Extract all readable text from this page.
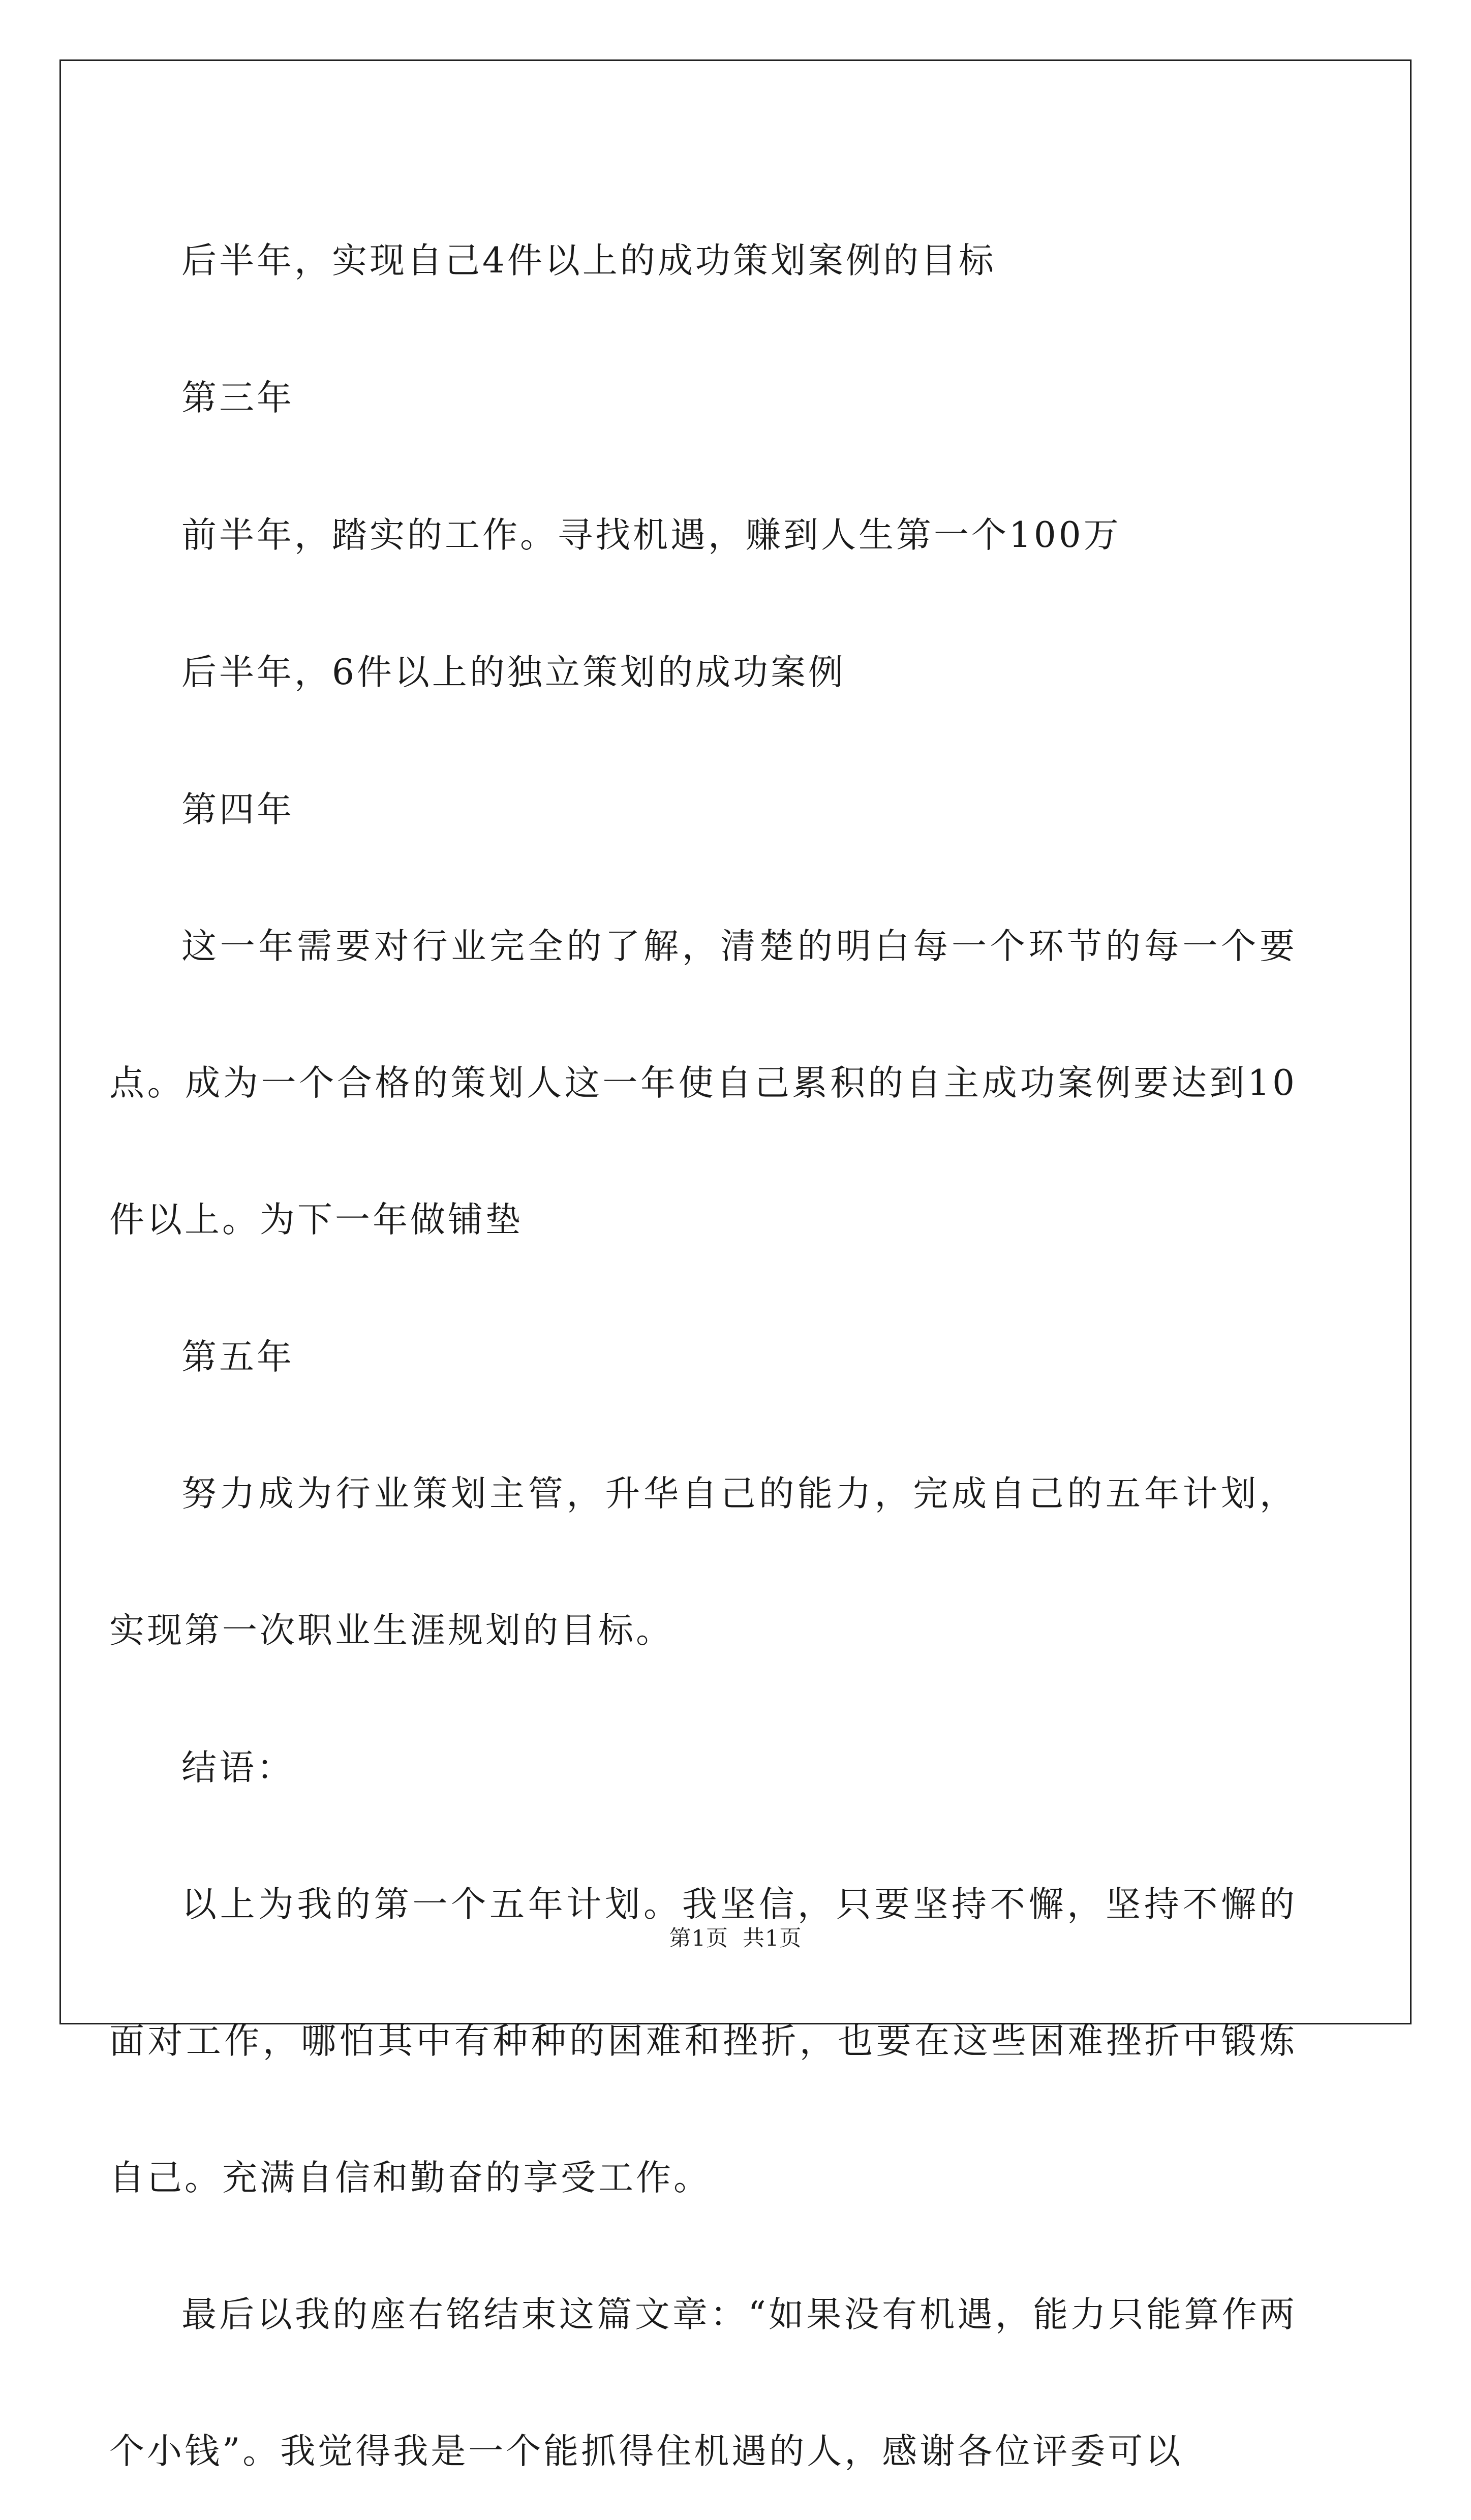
后半年，实现自己4件以上的成功策划案例的目标

第三年

前半年，踏实的工作。寻找机遇，赚到人生第一个100万

后半年，6件以上的独立策划的成功案例

第四年

这一年需要对行业完全的了解，清楚的明白每一个环节的每一个要点。成为一个合格的策划人这一年使自己累积的自主成功案例要达到10件以上。为下一年做铺垫

第五年

努力成为行业策划主管，升华自己的能力，完成自己的五年计划，实现第一次职业生涯规划的目标。

结语：

以上为我的第一个五年计划。我坚信，只要坚持不懈，坚持不懈的面对工作，哪怕其中有种种的困难和挫折，也要在这些困难挫折中锻炼自己。充满自信和勤奋的享受工作。

最后以我的座右铭结束这篇文章：“如果没有机遇，能力只能算作两个小钱”。我觉得我是一个能抓得住机遇的人，感谢各位评委可以

第1页 共1页
